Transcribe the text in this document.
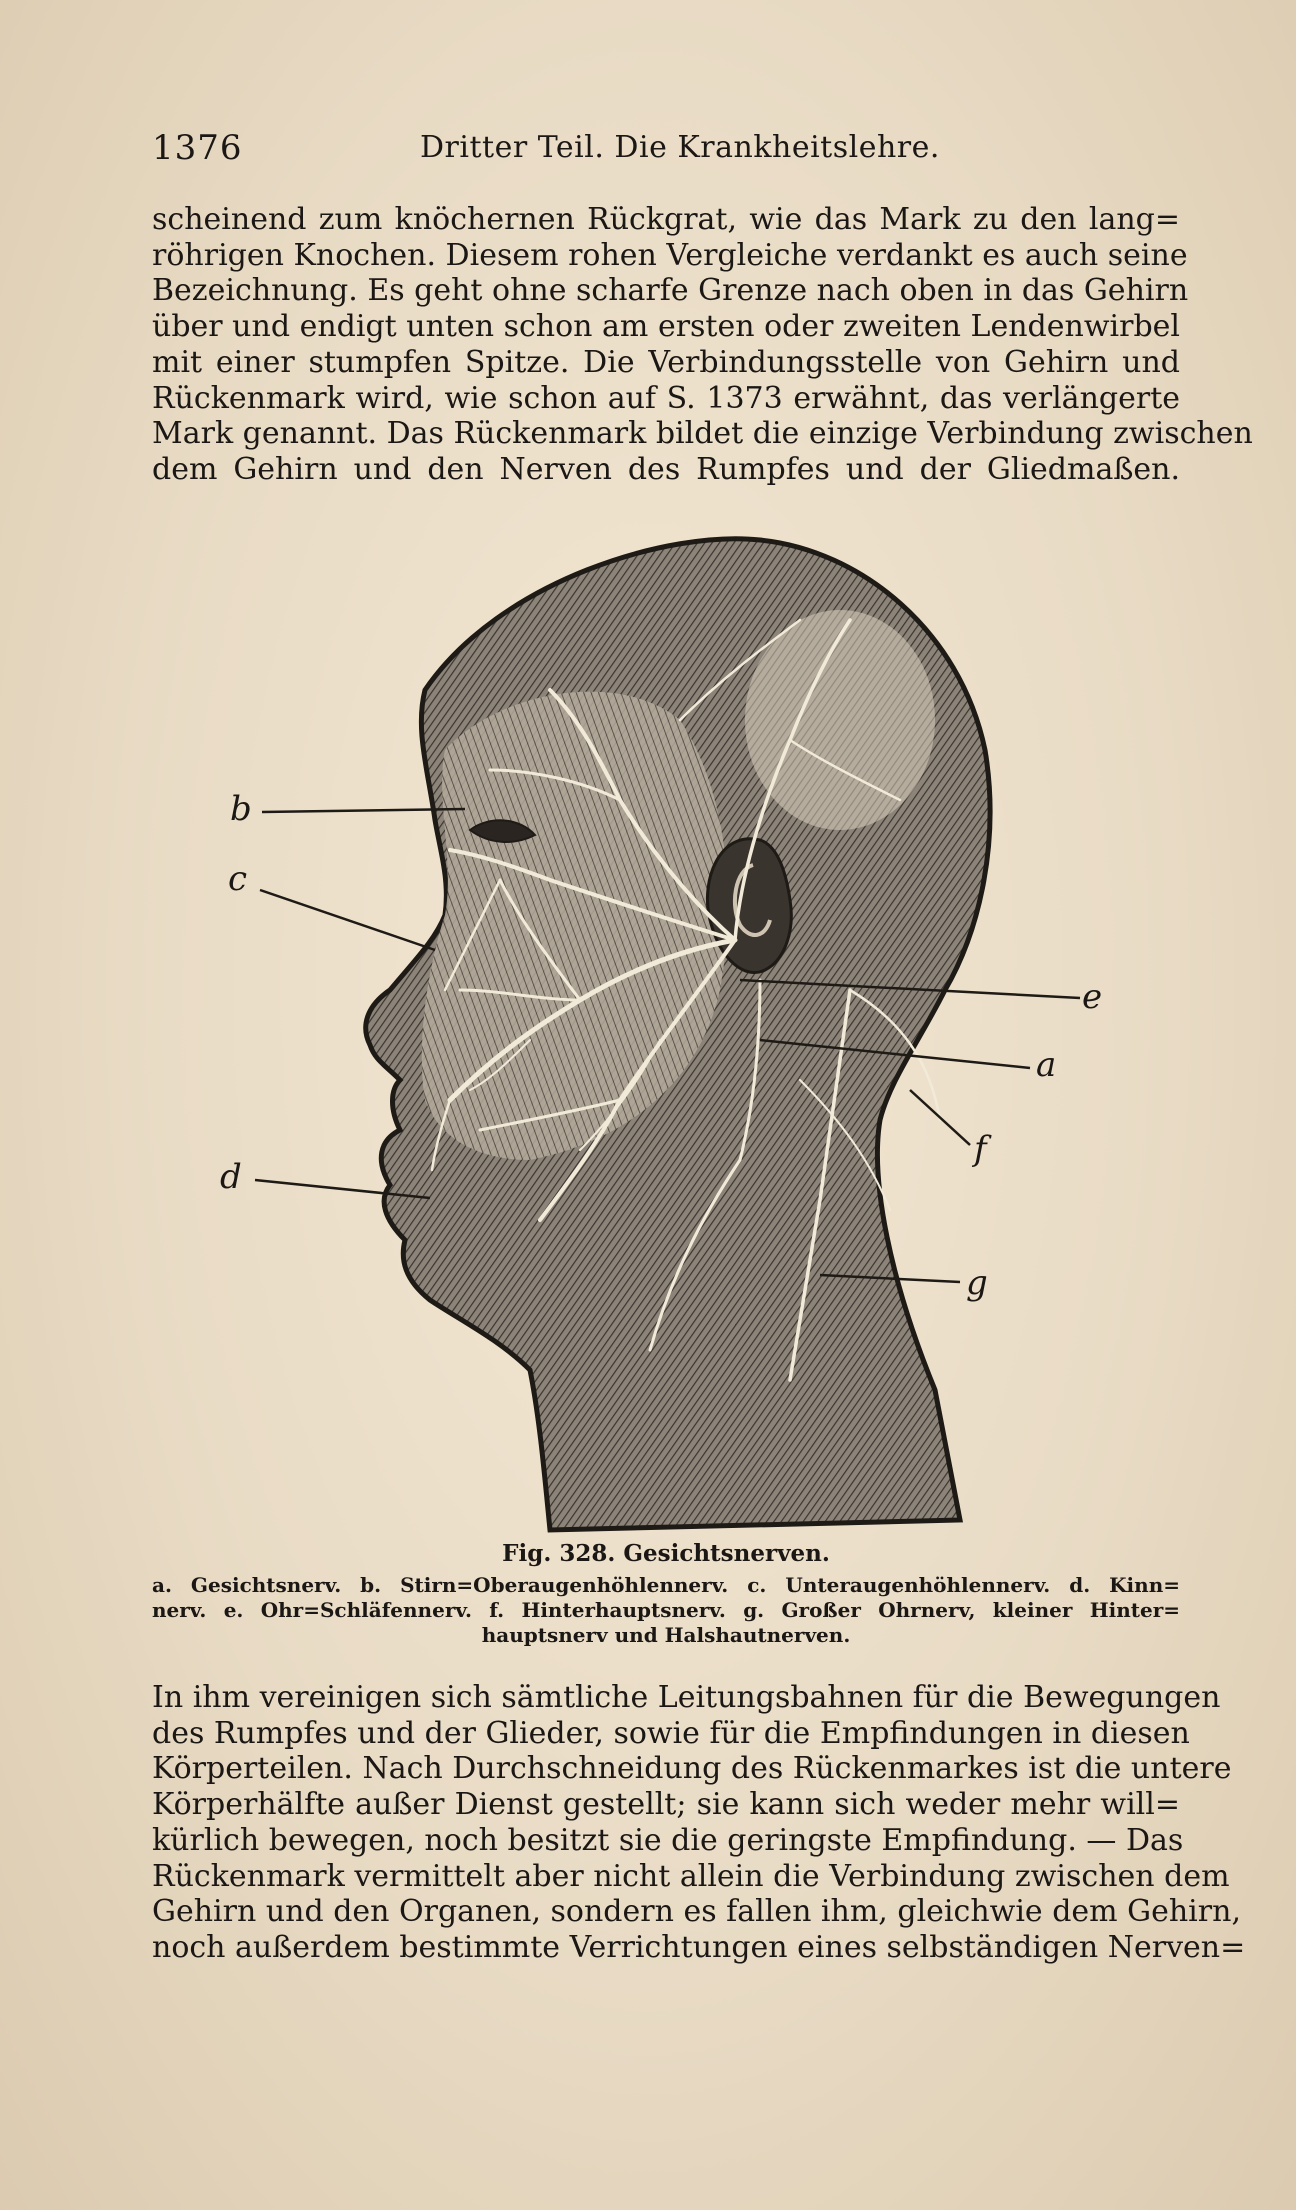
1376	Dritter Teil. Die Krankheitslehre.

scheinend zum knöchernen Rückgrat, wie das Mark zu den lang=
röhrigen Knochen. Diesem rohen Vergleiche verdankt es auch seine
Bezeichnung. Es geht ohne scharfe Grenze nach oben in das Gehirn
über und endigt unten schon am ersten oder zweiten Lendenwirbel
mit einer stumpfen Spitze. Die Verbindungsstelle von Gehirn und
Rückenmark wird, wie schon auf S. 1373 erwähnt, das verlängerte
Mark genannt. Das Rückenmark bildet die einzige Verbindung zwischen
dem Gehirn und den Nerven des Rumpfes und der Gliedmaßen.

b
c
d
e
a
f
g

Fig. 328. Gesichtsnerven.

a. Gesichtsnerv. b. Stirn=Oberaugenhöhlennerv. c. Unteraugenhöhlennerv. d. Kinn=
nerv. e. Ohr=Schläfennerv. f. Hinterhauptsnerv. g. Großer Ohrnerv, kleiner Hinter=
hauptsnerv und Halshautnerven.

In ihm vereinigen sich sämtliche Leitungsbahnen für die Bewegungen
des Rumpfes und der Glieder, sowie für die Empfindungen in diesen
Körperteilen. Nach Durchschneidung des Rückenmarkes ist die untere
Körperhälfte außer Dienst gestellt; sie kann sich weder mehr will=
kürlich bewegen, noch besitzt sie die geringste Empfindung. — Das
Rückenmark vermittelt aber nicht allein die Verbindung zwischen dem
Gehirn und den Organen, sondern es fallen ihm, gleichwie dem Gehirn,
noch außerdem bestimmte Verrichtungen eines selbständigen Nerven=
